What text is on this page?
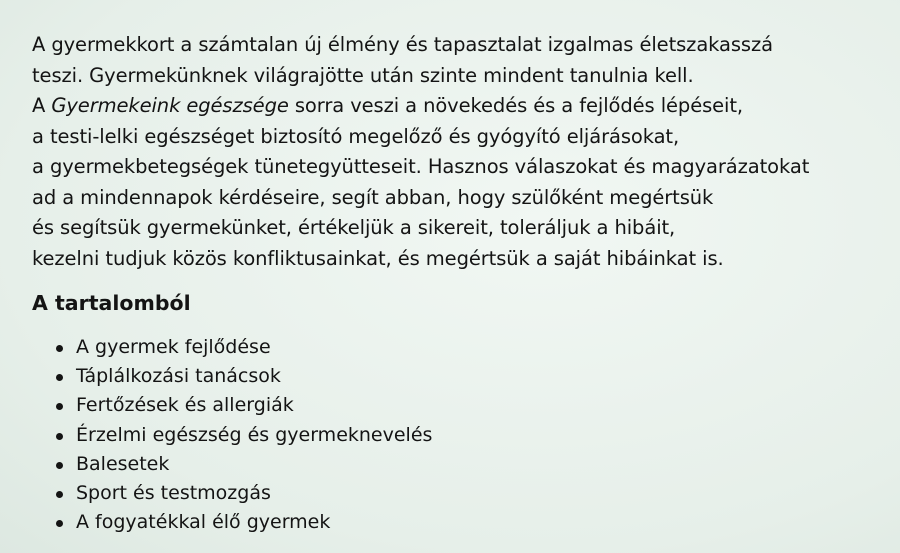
A gyermekkort a számtalan új élmény és tapasztalat izgalmas életszakasszá
teszi. Gyermekünknek világrajötte után szinte mindent tanulnia kell.
A Gyermekeink egészsége sorra veszi a növekedés és a fejlődés lépéseit,
a testi-lelki egészséget biztosító megelőző és gyógyító eljárásokat,
a gyermekbetegségek tünetegyütteseit. Hasznos válaszokat és magyarázatokat
ad a mindennapok kérdéseire, segít abban, hogy szülőként megértsük
és segítsük gyermekünket, értékeljük a sikereit, toleráljuk a hibáit,
kezelni tudjuk közös konfliktusainkat, és megértsük a saját hibáinkat is.
A tartalomból
A gyermek fejlődése
Táplálkozási tanácsok
Fertőzések és allergiák
Érzelmi egészség és gyermeknevelés
Balesetek
Sport és testmozgás
A fogyatékkal élő gyermek
